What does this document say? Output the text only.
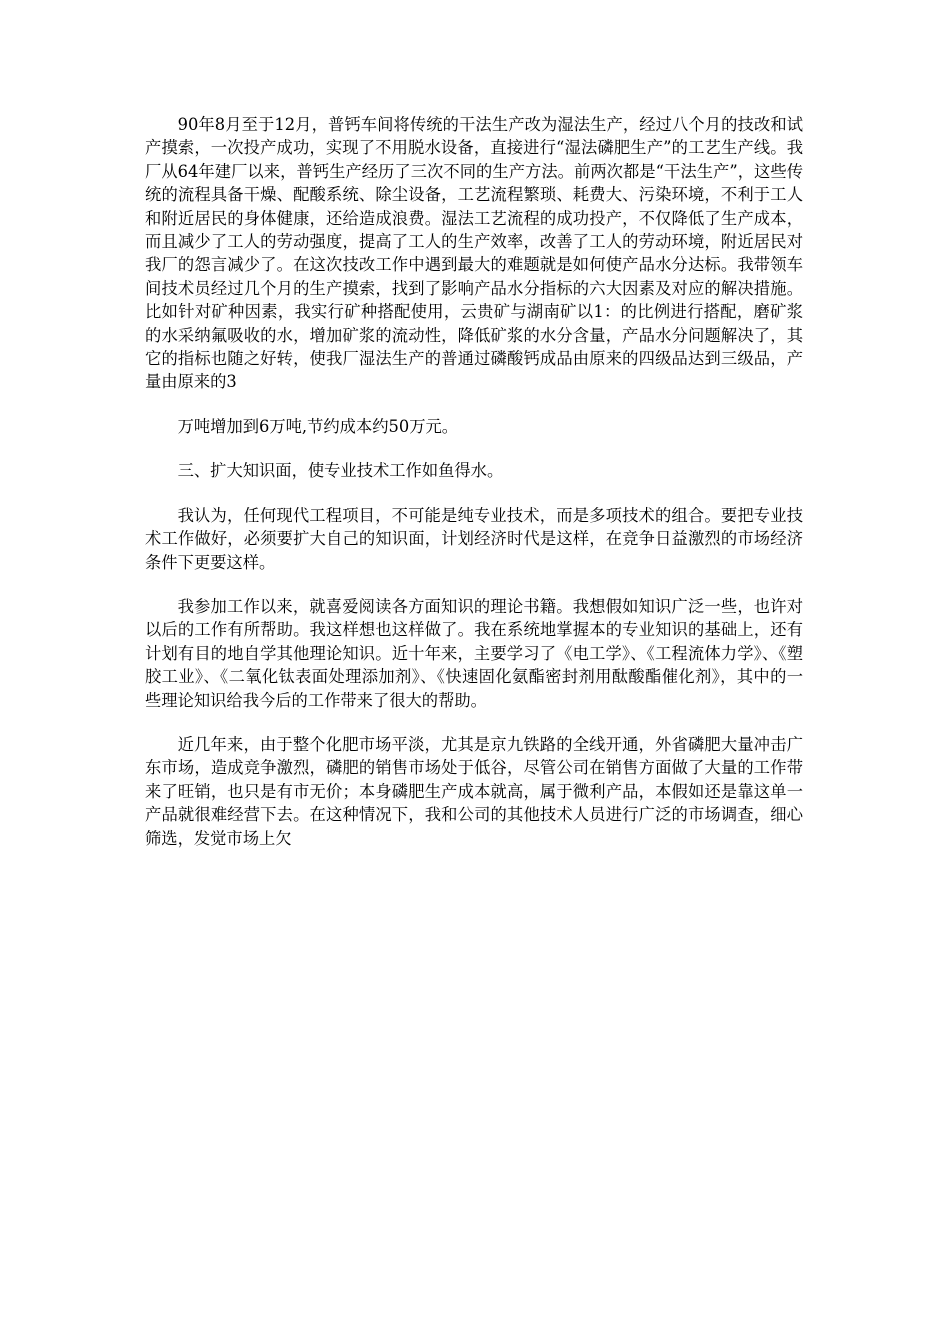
90年8月至于12月，普钙车间将传统的干法生产改为湿法生产，经过八个月的技改和试产摸索，一次投产成功，实现了不用脱水设备，直接进行“湿法磷肥生产”的工艺生产线。我厂从64年建厂以来，普钙生产经历了三次不同的生产方法。前两次都是“干法生产”，这些传统的流程具备干燥、配酸系统、除尘设备，工艺流程繁琐、耗费大、污染环境，不利于工人和附近居民的身体健康，还给造成浪费。湿法工艺流程的成功投产，不仅降低了生产成本，而且减少了工人的劳动强度，提高了工人的生产效率，改善了工人的劳动环境，附近居民对我厂的怨言减少了。在这次技改工作中遇到最大的难题就是如何使产品水分达标。我带领车间技术员经过几个月的生产摸索，找到了影响产品水分指标的六大因素及对应的解决措施。比如针对矿种因素，我实行矿种搭配使用，云贵矿与湖南矿以1：的比例进行搭配，磨矿浆的水采纳氟吸收的水，增加矿浆的流动性，降低矿浆的水分含量，产品水分问题解决了，其它的指标也随之好转，使我厂湿法生产的普通过磷酸钙成品由原来的四级品达到三级品，产量由原来的3

万吨增加到6万吨,节约成本约50万元。

三、扩大知识面，使专业技术工作如鱼得水。

我认为，任何现代工程项目，不可能是纯专业技术，而是多项技术的组合。要把专业技术工作做好，必须要扩大自己的知识面，计划经济时代是这样，在竞争日益激烈的市场经济条件下更要这样。

我参加工作以来，就喜爱阅读各方面知识的理论书籍。我想假如知识广泛一些，也许对以后的工作有所帮助。我这样想也这样做了。我在系统地掌握本的专业知识的基础上，还有计划有目的地自学其他理论知识。近十年来，主要学习了《电工学》、《工程流体力学》、《塑胶工业》、《二氧化钛表面处理添加剂》、《快速固化氨酯密封剂用酞酸酯催化剂》，其中的一些理论知识给我今后的工作带来了很大的帮助。

近几年来，由于整个化肥市场平淡，尤其是京九铁路的全线开通，外省磷肥大量冲击广东市场，造成竞争激烈，磷肥的销售市场处于低谷，尽管公司在销售方面做了大量的工作带来了旺销，也只是有市无价；本身磷肥生产成本就高，属于微利产品，本假如还是靠这单一产品就很难经营下去。在这种情况下，我和公司的其他技术人员进行广泛的市场调查，细心筛选，发觉市场上欠
